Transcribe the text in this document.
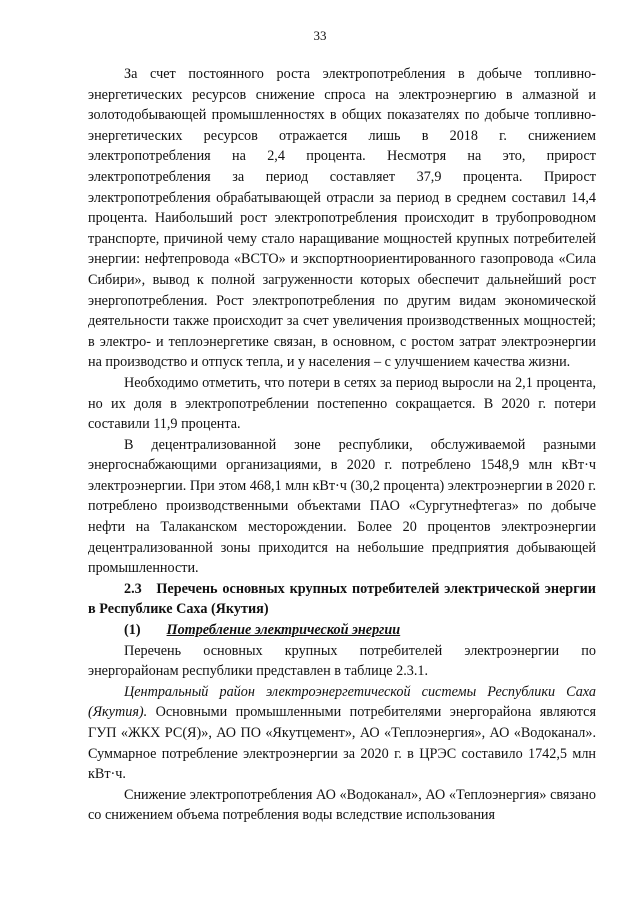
33

За счет постоянного роста электропотребления в добыче топливно-энергетических ресурсов снижение спроса на электроэнергию в алмазной и золотодобывающей промышленностях в общих показателях по добыче топливно-энергетических ресурсов отражается лишь в 2018 г. снижением электропотребления на 2,4 процента. Несмотря на это, прирост электропотребления за период составляет 37,9 процента. Прирост электропотребления обрабатывающей отрасли за период в среднем составил 14,4 процента. Наибольший рост электропотребления происходит в трубопроводном транспорте, причиной чему стало наращивание мощностей крупных потребителей энергии: нефтепровода «ВСТО» и экспортноориентированного газопровода «Сила Сибири», вывод к полной загруженности которых обеспечит дальнейший рост энергопотребления. Рост электропотребления по другим видам экономической деятельности также происходит за счет увеличения производственных мощностей; в электро- и теплоэнергетике связан, в основном, с ростом затрат электроэнергии на производство и отпуск тепла, и у населения – с улучшением качества жизни.

Необходимо отметить, что потери в сетях за период выросли на 2,1 процента, но их доля в электропотреблении постепенно сокращается. В 2020 г. потери составили 11,9 процента.

В децентрализованной зоне республики, обслуживаемой разными энергоснабжающими организациями, в 2020 г. потреблено 1548,9 млн кВт·ч электроэнергии. При этом 468,1 млн кВт·ч (30,2 процента) электроэнергии в 2020 г. потреблено производственными объектами ПАО «Сургутнефтегаз» по добыче нефти на Талаканском месторождении. Более 20 процентов электроэнергии децентрализованной зоны приходится на небольшие предприятия добывающей промышленности.

2.3   Перечень основных крупных потребителей электрической энергии в Республике Саха (Якутия)

(1) Потребление электрической энергии

Перечень основных крупных потребителей электроэнергии по энергорайонам республики представлен в таблице 2.3.1.

Центральный район электроэнергетической системы Республики Саха (Якутия). Основными промышленными потребителями энергорайона являются ГУП «ЖКХ РС(Я)», АО ПО «Якутцемент», АО «Теплоэнергия», АО «Водоканал». Суммарное потребление электроэнергии за 2020 г. в ЦРЭС составило 1742,5 млн кВт·ч.

Снижение электропотребления АО «Водоканал», АО «Теплоэнергия» связано со снижением объема потребления воды вследствие использования
